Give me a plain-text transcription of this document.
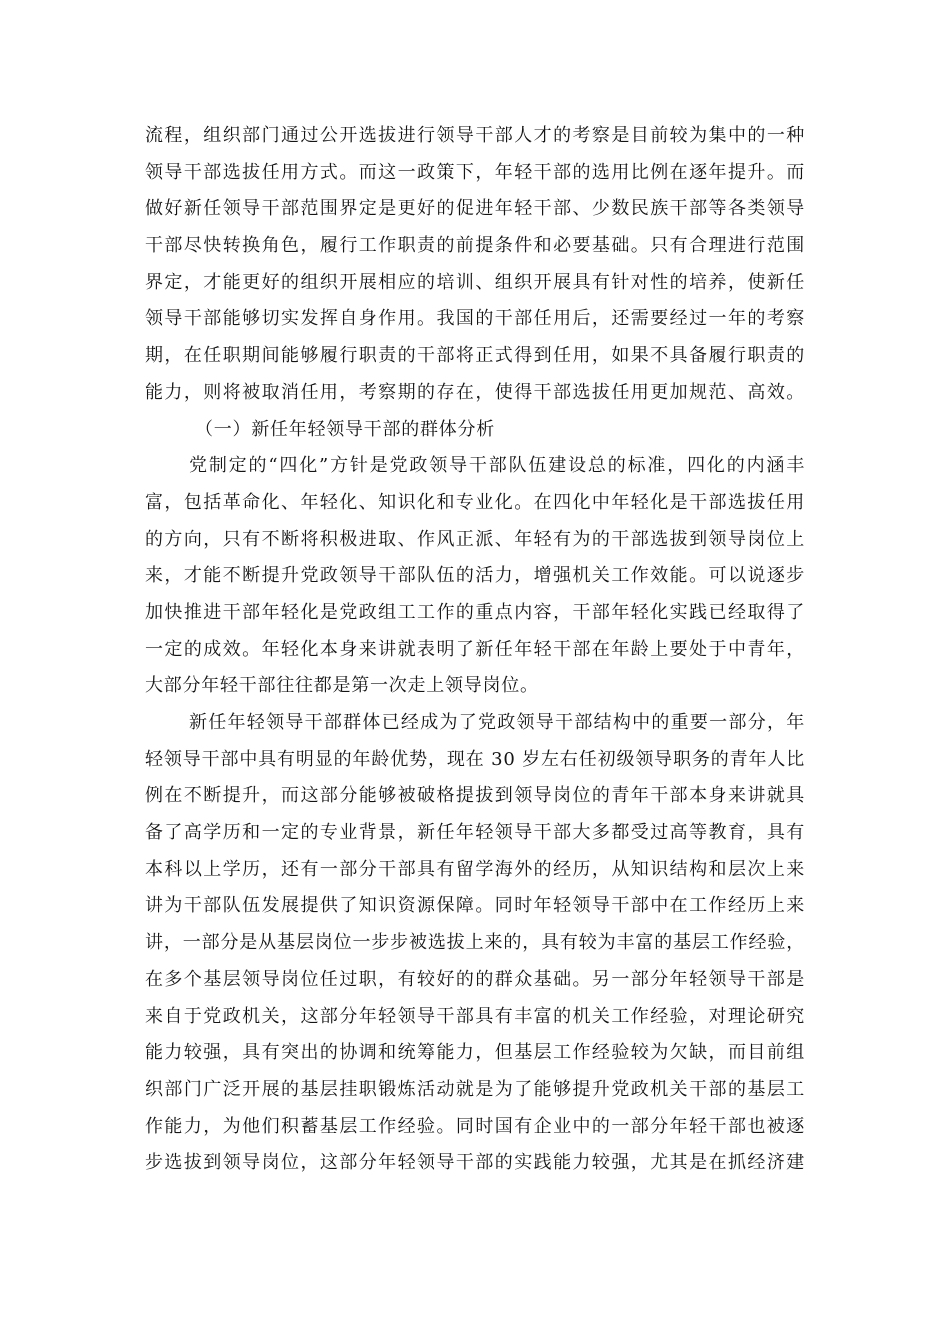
流程，组织部门通过公开选拔进行领导干部人才的考察是目前较为集中的一种
领导干部选拔任用方式。而这一政策下，年轻干部的选用比例在逐年提升。而
做好新任领导干部范围界定是更好的促进年轻干部、少数民族干部等各类领导
干部尽快转换角色，履行工作职责的前提条件和必要基础。只有合理进行范围
界定，才能更好的组织开展相应的培训、组织开展具有针对性的培养，使新任
领导干部能够切实发挥自身作用。我国的干部任用后，还需要经过一年的考察
期，在任职期间能够履行职责的干部将正式得到任用，如果不具备履行职责的
能力，则将被取消任用，考察期的存在，使得干部选拔任用更加规范、高效。
（一）新任年轻领导干部的群体分析
党制定的“四化”方针是党政领导干部队伍建设总的标准，四化的内涵丰
富，包括革命化、年轻化、知识化和专业化。在四化中年轻化是干部选拔任用
的方向，只有不断将积极进取、作风正派、年轻有为的干部选拔到领导岗位上
来，才能不断提升党政领导干部队伍的活力，增强机关工作效能。可以说逐步
加快推进干部年轻化是党政组工工作的重点内容，干部年轻化实践已经取得了
一定的成效。年轻化本身来讲就表明了新任年轻干部在年龄上要处于中青年，
大部分年轻干部往往都是第一次走上领导岗位。
新任年轻领导干部群体已经成为了党政领导干部结构中的重要一部分，年
轻领导干部中具有明显的年龄优势，现在 30 岁左右任初级领导职务的青年人比
例在不断提升，而这部分能够被破格提拔到领导岗位的青年干部本身来讲就具
备了高学历和一定的专业背景，新任年轻领导干部大多都受过高等教育，具有
本科以上学历，还有一部分干部具有留学海外的经历，从知识结构和层次上来
讲为干部队伍发展提供了知识资源保障。同时年轻领导干部中在工作经历上来
讲，一部分是从基层岗位一步步被选拔上来的，具有较为丰富的基层工作经验，
在多个基层领导岗位任过职，有较好的的群众基础。另一部分年轻领导干部是
来自于党政机关，这部分年轻领导干部具有丰富的机关工作经验，对理论研究
能力较强，具有突出的协调和统筹能力，但基层工作经验较为欠缺，而目前组
织部门广泛开展的基层挂职锻炼活动就是为了能够提升党政机关干部的基层工
作能力，为他们积蓄基层工作经验。同时国有企业中的一部分年轻干部也被逐
步选拔到领导岗位，这部分年轻领导干部的实践能力较强，尤其是在抓经济建
